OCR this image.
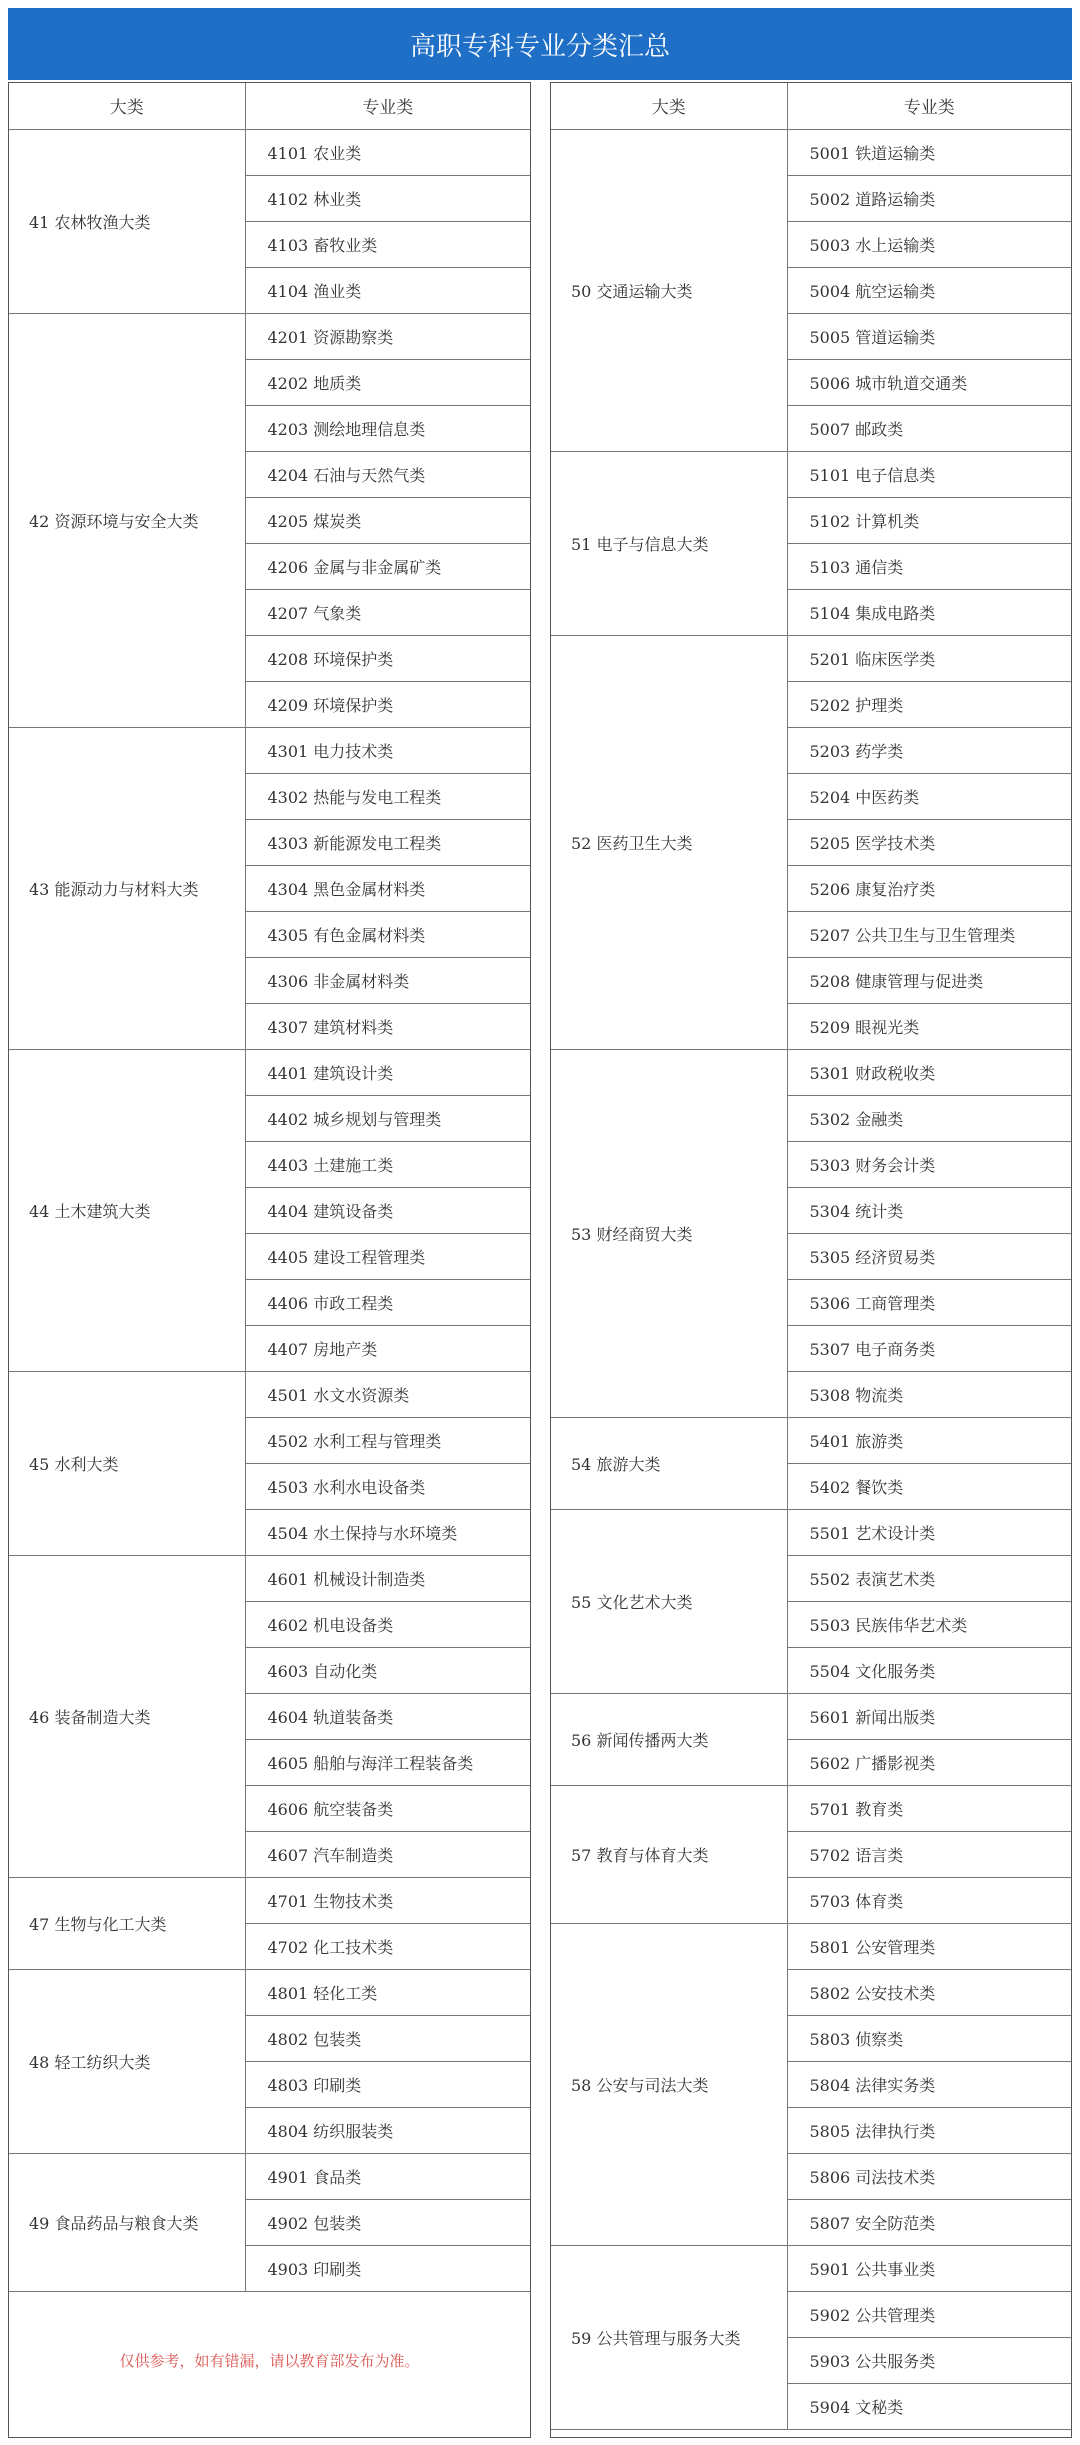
高职专科专业分类汇总
大类	专业类
41 农林牧渔大类	4101 农业类
	4102 林业类
	4103 畜牧业类
	4104 渔业类
42 资源环境与安全大类	4201 资源勘察类
	4202 地质类
	4203 测绘地理信息类
	4204 石油与天然气类
	4205 煤炭类
	4206 金属与非金属矿类
	4207 气象类
	4208 环境保护类
	4209 环境保护类
43 能源动力与材料大类	4301 电力技术类
	4302 热能与发电工程类
	4303 新能源发电工程类
	4304 黑色金属材料类
	4305 有色金属材料类
	4306 非金属材料类
	4307 建筑材料类
44 土木建筑大类	4401 建筑设计类
	4402 城乡规划与管理类
	4403 土建施工类
	4404 建筑设备类
	4405 建设工程管理类
	4406 市政工程类
	4407 房地产类
45 水利大类	4501 水文水资源类
	4502 水利工程与管理类
	4503 水利水电设备类
	4504 水土保持与水环境类
46 装备制造大类	4601 机械设计制造类
	4602 机电设备类
	4603 自动化类
	4604 轨道装备类
	4605 船舶与海洋工程装备类
	4606 航空装备类
	4607 汽车制造类
47 生物与化工大类	4701 生物技术类
	4702 化工技术类
48 轻工纺织大类	4801 轻化工类
	4802 包装类
	4803 印刷类
	4804 纺织服装类
49 食品药品与粮食大类	4901 食品类
	4902 包装类
	4903 印刷类
仅供参考，如有错漏，请以教育部发布为准。	
大类	专业类
50 交通运输大类	5001 铁道运输类
	5002 道路运输类
	5003 水上运输类
	5004 航空运输类
	5005 管道运输类
	5006 城市轨道交通类
	5007 邮政类
51 电子与信息大类	5101 电子信息类
	5102 计算机类
	5103 通信类
	5104 集成电路类
52 医药卫生大类	5201 临床医学类
	5202 护理类
	5203 药学类
	5204 中医药类
	5205 医学技术类
	5206 康复治疗类
	5207 公共卫生与卫生管理类
	5208 健康管理与促进类
	5209 眼视光类
53 财经商贸大类	5301 财政税收类
	5302 金融类
	5303 财务会计类
	5304 统计类
	5305 经济贸易类
	5306 工商管理类
	5307 电子商务类
	5308 物流类
54 旅游大类	5401 旅游类
	5402 餐饮类
55 文化艺术大类	5501 艺术设计类
	5502 表演艺术类
	5503 民族伟华艺术类
	5504 文化服务类
56 新闻传播两大类	5601 新闻出版类
	5602 广播影视类
57 教育与体育大类	5701 教育类
	5702 语言类
	5703 体育类
58 公安与司法大类	5801 公安管理类
	5802 公安技术类
	5803 侦察类
	5804 法律实务类
	5805 法律执行类
	5806 司法技术类
	5807 安全防范类
59 公共管理与服务大类	5901 公共事业类
	5902 公共管理类
	5903 公共服务类
	5904 文秘类
